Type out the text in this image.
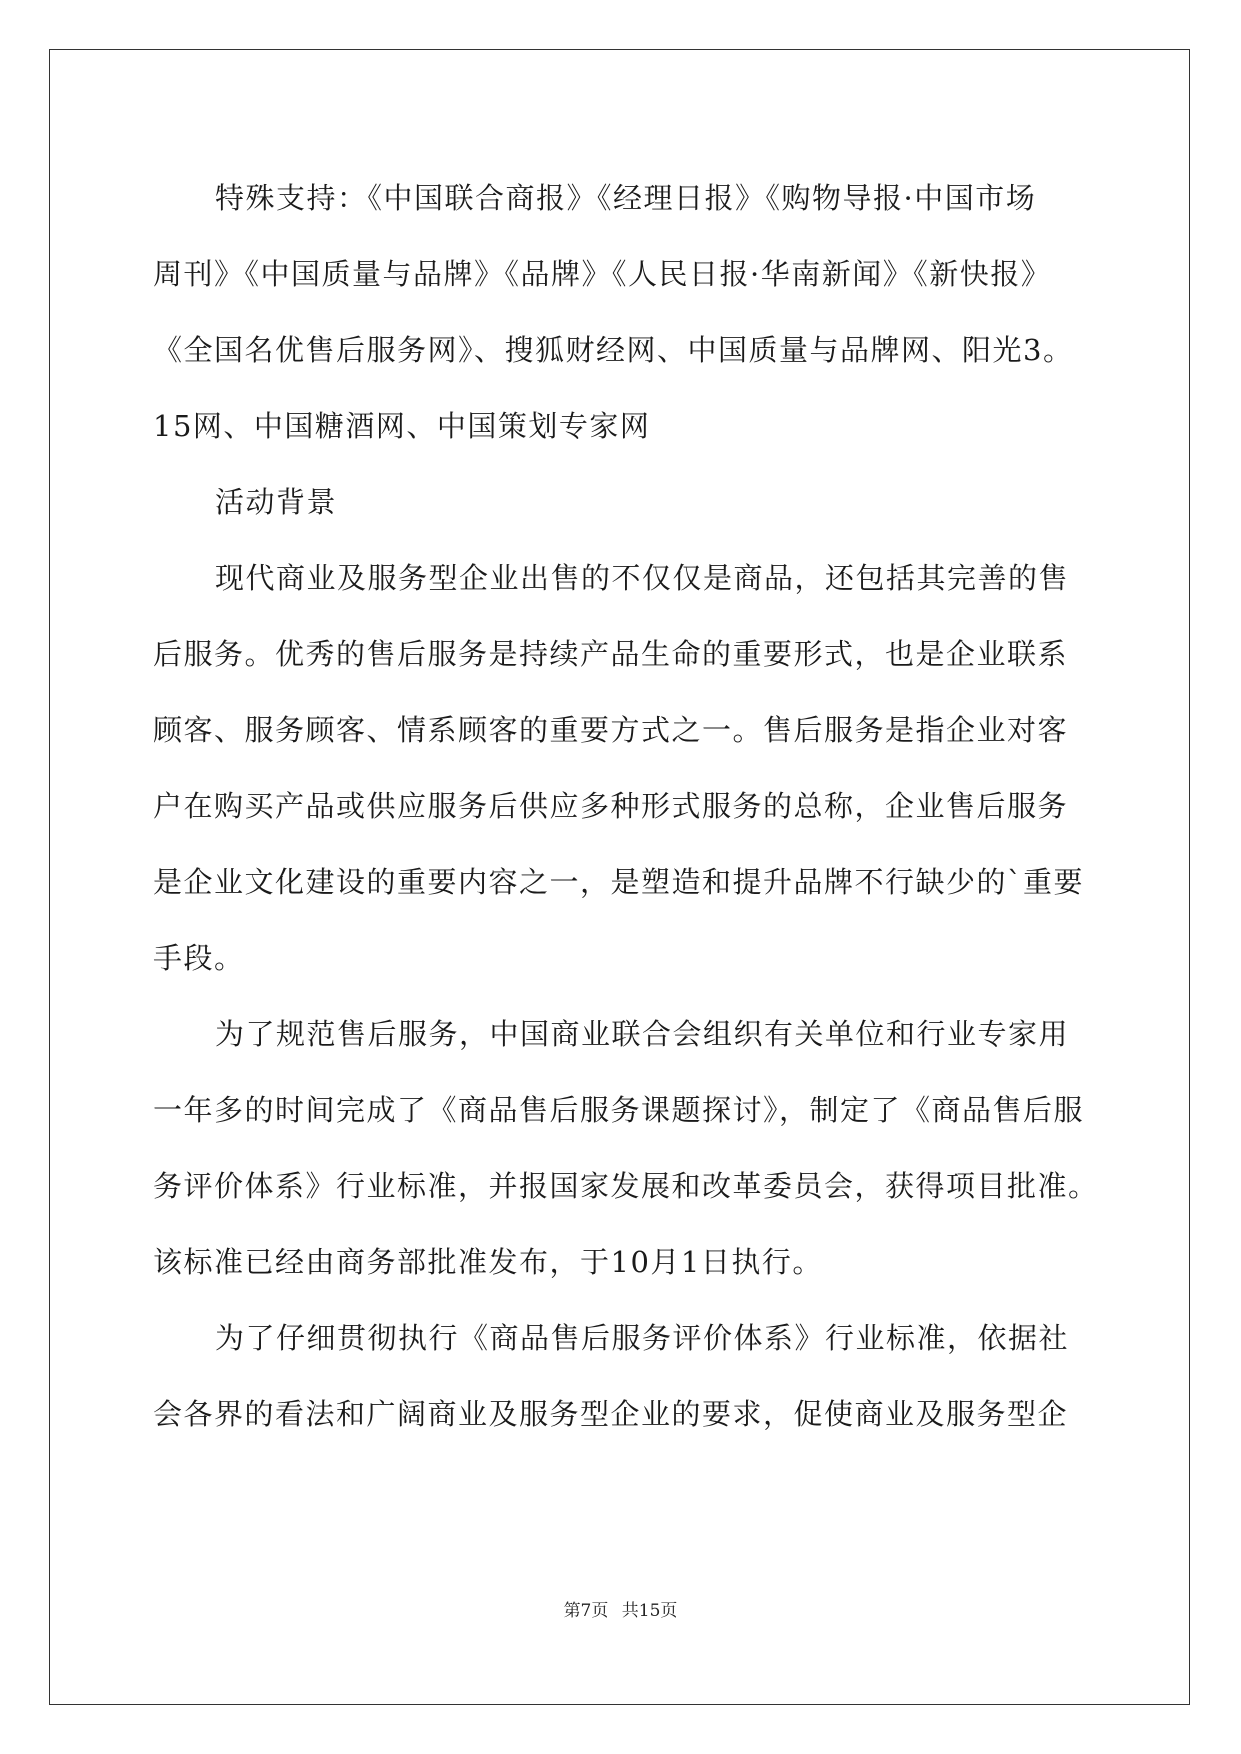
特殊支持：《中国联合商报》《经理日报》《购物导报·中国市场
周刊》《中国质量与品牌》《品牌》《人民日报·华南新闻》《新快报》
《全国名优售后服务网》、搜狐财经网、中国质量与品牌网、阳光3。
15网、中国糖酒网、中国策划专家网
活动背景
现代商业及服务型企业出售的不仅仅是商品，还包括其完善的售
后服务。优秀的售后服务是持续产品生命的重要形式，也是企业联系
顾客、服务顾客、情系顾客的重要方式之一。售后服务是指企业对客
户在购买产品或供应服务后供应多种形式服务的总称，企业售后服务
是企业文化建设的重要内容之一，是塑造和提升品牌不行缺少的`重要
手段。
为了规范售后服务，中国商业联合会组织有关单位和行业专家用
一年多的时间完成了《商品售后服务课题探讨》，制定了《商品售后服
务评价体系》行业标准，并报国家发展和改革委员会，获得项目批准。
该标准已经由商务部批准发布，于10月1日执行。
为了仔细贯彻执行《商品售后服务评价体系》行业标准，依据社
会各界的看法和广阔商业及服务型企业的要求，促使商业及服务型企
第7页 共15页
